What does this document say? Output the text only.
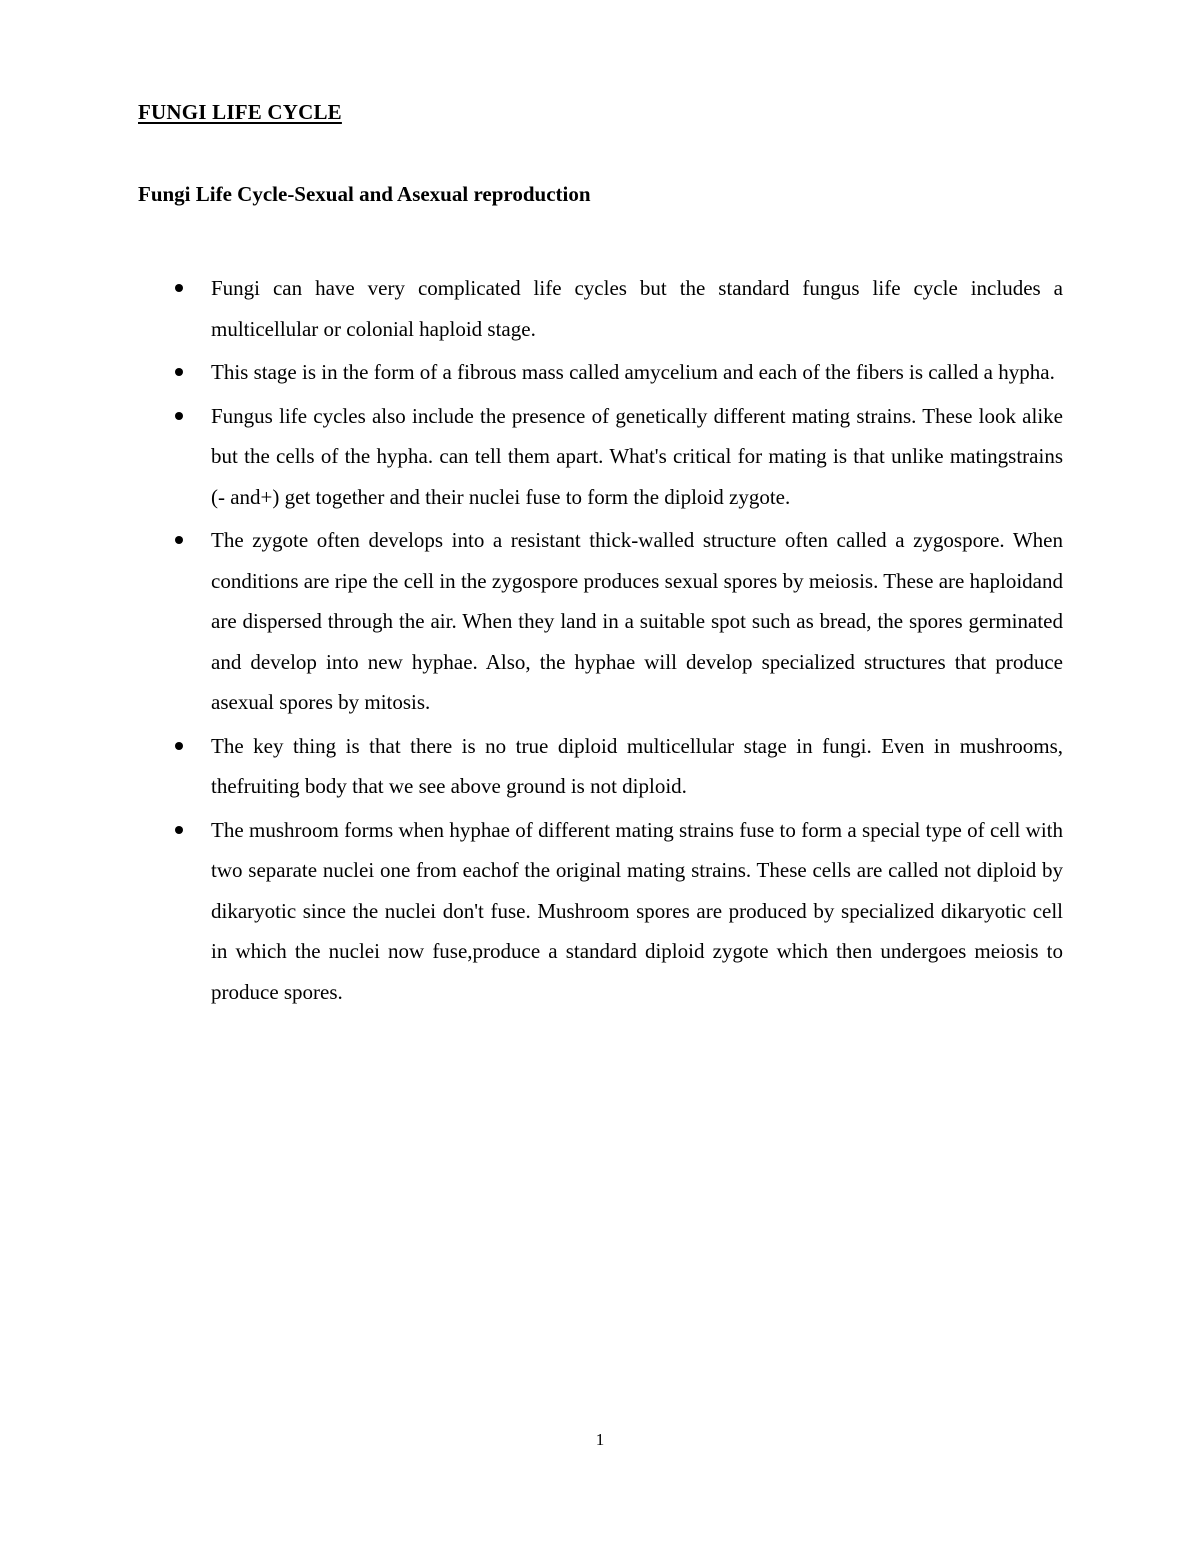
FUNGI LIFE CYCLE
Fungi Life Cycle-Sexual and Asexual reproduction
Fungi can have very complicated life cycles but the standard fungus life cycle includes a multicellular or colonial haploid stage.
This stage is in the form of a fibrous mass called amycelium and each of the fibers is called a hypha.
Fungus life cycles also include the presence of genetically different mating strains. These look alike but the cells of the hypha. can tell them apart. What's critical for mating is that unlike matingstrains (- and+) get together and their nuclei fuse to form the diploid zygote.
The zygote often develops into a resistant thick-walled structure often called a zygospore. When conditions are ripe the cell in the zygospore produces sexual spores by meiosis. These are haploidand are dispersed through the air. When they land in a suitable spot such as bread, the spores germinated and develop into new hyphae. Also, the hyphae will develop specialized structures that produce asexual spores by mitosis.
The key thing is that there is no true diploid multicellular stage in fungi. Even in mushrooms, thefruiting body that we see above ground is not diploid.
The mushroom forms when hyphae of different mating strains fuse to form a special type of cell with two separate nuclei one from eachof the original mating strains. These cells are called not diploid by dikaryotic since the nuclei don't fuse. Mushroom spores are produced by specialized dikaryotic cell in which the nuclei now fuse,produce a standard diploid zygote which then undergoes meiosis to produce spores.
1
